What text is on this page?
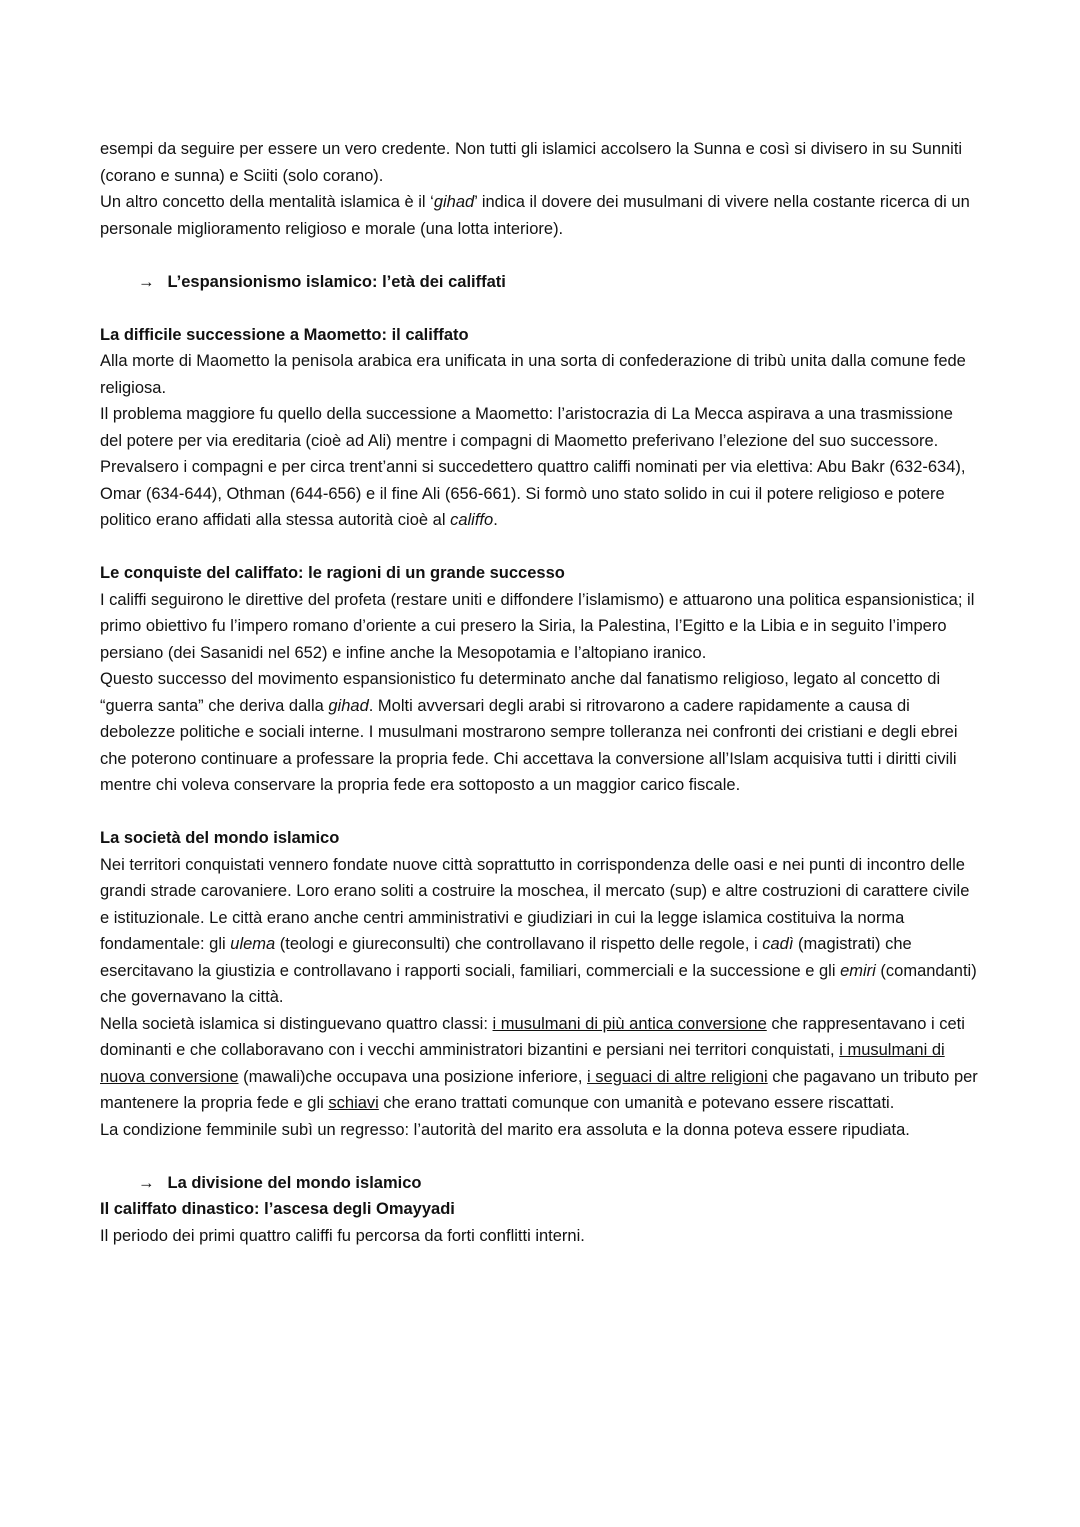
esempi da seguire per essere un vero credente. Non tutti gli islamici accolsero la Sunna e così si divisero in su Sunniti (corano e sunna) e Sciiti (solo corano).
Un altro concetto della mentalità islamica è il ‘gihad’ indica il dovere dei musulmani di vivere nella costante ricerca di un personale miglioramento religioso e morale (una lotta interiore).
→ L’espansionismo islamico: l’età dei califfati
La difficile successione a Maometto: il califfato
Alla morte di Maometto la penisola arabica era unificata in una sorta di confederazione di tribù unita dalla comune fede religiosa.
Il problema maggiore fu quello della successione a Maometto: l’aristocrazia di La Mecca aspirava a una trasmissione del potere per via ereditaria (cioè ad Ali) mentre i compagni di Maometto preferivano l’elezione del suo successore. Prevalsero i compagni e per circa trent’anni si succedettero quattro califfi nominati per via elettiva: Abu Bakr (632-634), Omar (634-644), Othman (644-656) e il fine Ali (656-661). Si formò uno stato solido in cui il potere religioso e potere politico erano affidati alla stessa autorità cioè al califfo.
Le conquiste del califfato: le ragioni di un grande successo
I califfi seguirono le direttive del profeta (restare uniti e diffondere l’islamismo) e attuarono una politica espansionistica; il primo obiettivo fu l’impero romano d’oriente a cui presero la Siria, la Palestina, l’Egitto e la Libia e in seguito l’impero persiano (dei Sasanidi nel 652) e infine anche la Mesopotamia e l’altopiano iranico.
Questo successo del movimento espansionistico fu determinato anche dal fanatismo religioso, legato al concetto di “guerra santa” che deriva dalla gihad. Molti avversari degli arabi si ritrovarono a cadere rapidamente a causa di debolezze politiche e sociali interne. I musulmani mostrarono sempre tolleranza nei confronti dei cristiani e degli ebrei che poterono continuare a professare la propria fede. Chi accettava la conversione all’Islam acquisiva tutti i diritti civili mentre chi voleva conservare la propria fede era sottoposto a un maggior carico fiscale.
La società del mondo islamico
Nei territori conquistati vennero fondate nuove città soprattutto in corrispondenza delle oasi e nei punti di incontro delle grandi strade carovaniere. Loro erano soliti a costruire la moschea, il mercato (sup) e altre costruzioni di carattere civile e istituzionale. Le città erano anche centri amministrativi e giudiziari in cui la legge islamica costituiva la norma fondamentale: gli ulema (teologi e giureconsulti) che controllavano il rispetto delle regole, i cadì (magistrati) che esercitavano la giustizia e controllavano i rapporti sociali, familiari, commerciali e la successione e gli emiri (comandanti) che governavano la città.
Nella società islamica si distinguevano quattro classi: i musulmani di più antica conversione che rappresentavano i ceti dominanti e che collaboravano con i vecchi amministratori bizantini e persiani nei territori conquistati, i musulmani di nuova conversione (mawali)che occupava una posizione inferiore, i seguaci di altre religioni che pagavano un tributo per mantenere la propria fede e gli schiavi che erano trattati comunque con umanità e potevano essere riscattati.
La condizione femminile subì un regresso: l’autorità del marito era assoluta e la donna poteva essere ripudiata.
→ La divisione del mondo islamico
Il califfato dinastico: l’ascesa degli Omayyadi
Il periodo dei primi quattro califfi fu percorsa da forti conflitti interni.
